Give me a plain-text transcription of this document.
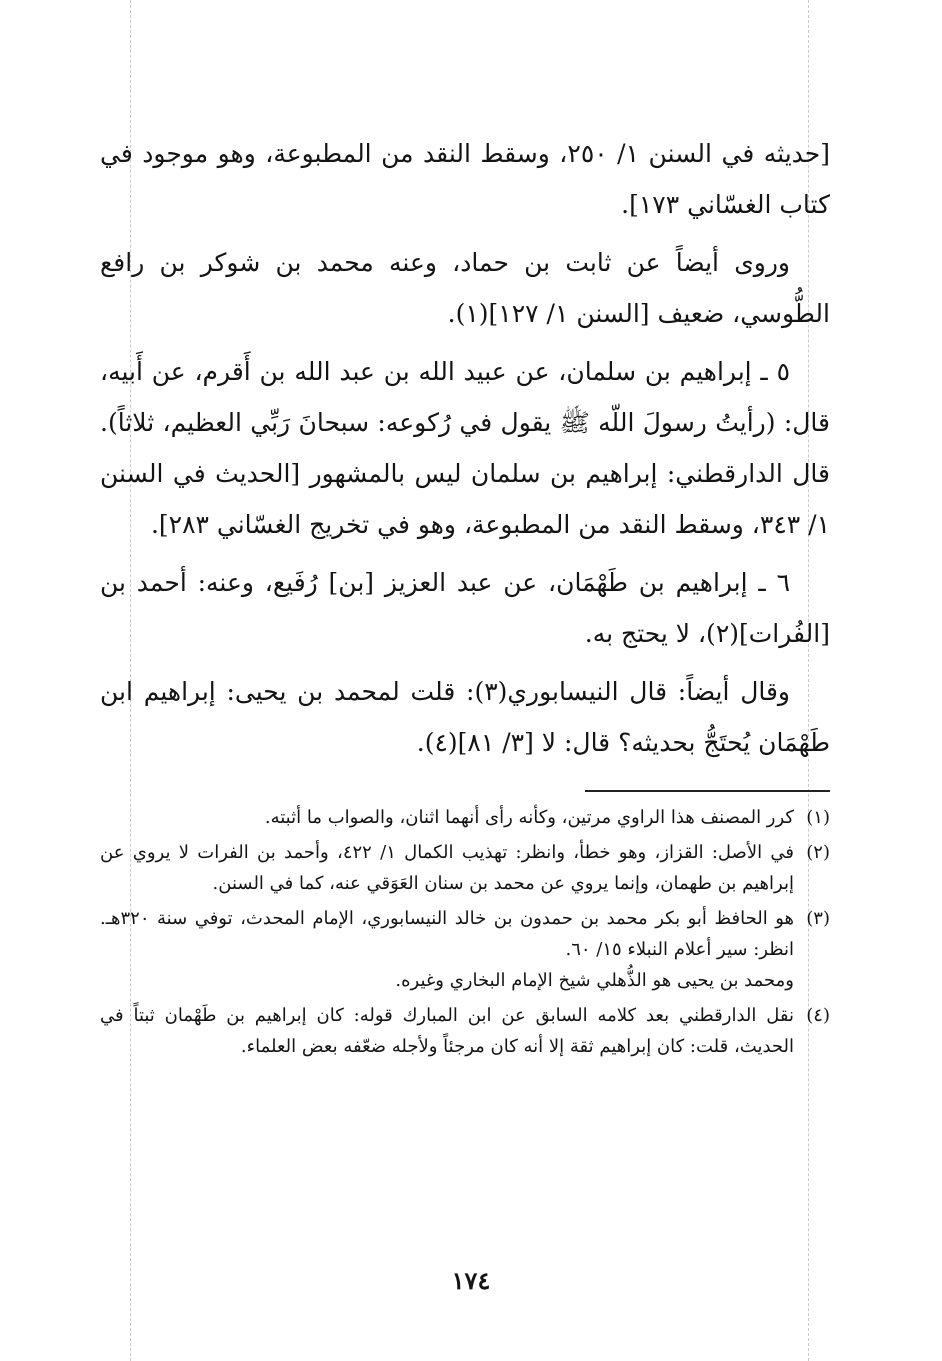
[حديثه في السنن ١/ ٢٥٠، وسقط النقد من المطبوعة، وهو موجود في كتاب الغسّاني ١٧٣].

وروى أيضاً عن ثابت بن حماد، وعنه محمد بن شوكر بن رافع الطُّوسي، ضعيف [السنن ١/ ١٢٧](١).

٥ ـ إبراهيم بن سلمان، عن عبيد الله بن عبد الله بن أَقرم، عن أَبيه، قال: (رأيتُ رسولَ اللّه ﷺ يقول في رُكوعه: سبحانَ رَبِّي العظيم، ثلاثاً). قال الدارقطني: إبراهيم بن سلمان ليس بالمشهور [الحديث في السنن ١/ ٣٤٣، وسقط النقد من المطبوعة، وهو في تخريج الغسّاني ٢٨٣].

٦ ـ إبراهيم بن طَهْمَان، عن عبد العزيز [بن] رُفَيع، وعنه: أحمد بن [الفُرات](٢)، لا يحتج به.

وقال أيضاً: قال النيسابوري(٣): قلت لمحمد بن يحيى: إبراهيم ابن طَهْمَان يُحتَجُّ بحديثه؟ قال: لا [٣/ ٨١](٤).

(١)
كرر المصنف هذا الراوي مرتين، وكأنه رأى أنهما اثنان، والصواب ما أثبته.
(٢)
في الأصل: القزاز، وهو خطأ، وانظر: تهذيب الكمال ١/ ٤٢٢، وأحمد بن الفرات لا يروي عن إبراهيم بن طهمان، وإنما يروي عن محمد بن سنان العَوَقي عنه، كما في السنن.
(٣)
هو الحافظ أبو بكر محمد بن حمدون بن خالد النيسابوري، الإمام المحدث، توفي سنة ٣٢٠هـ. انظر: سير أعلام النبلاء ١٥/ ٦٠.
ومحمد بن يحيى هو الذُّهلي شيخ الإمام البخاري وغيره.
(٤)
نقل الدارقطني بعد كلامه السابق عن ابن المبارك قوله: كان إبراهيم بن طَهْمان ثبتاً في الحديث، قلت: كان إبراهيم ثقة إلا أنه كان مرجئاً ولأجله ضعّفه بعض العلماء.
١٧٤
